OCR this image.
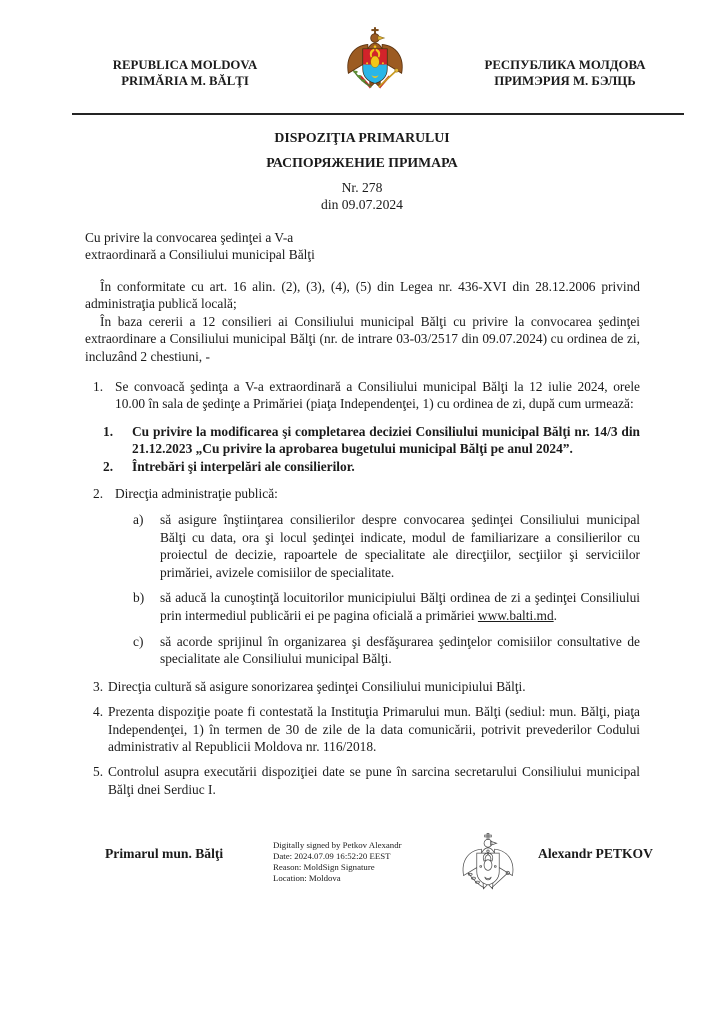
REPUBLICA MOLDOVA
PRIMĂRIA M. BĂLŢI
РЕСПУБЛИКА МОЛДОВА
ПРИМЭРИЯ М. БЭЛЦЬ
DISPOZIŢIA PRIMARULUI
РАСПОРЯЖЕНИЕ ПРИМАРА
Nr. 278
din 09.07.2024
Cu privire la convocarea şedinţei a V-a
extraordinară a Consiliului municipal Bălţi

În conformitate cu art. 16 alin. (2), (3), (4), (5) din Legea nr. 436-XVI din 28.12.2006 privind administraţia publică locală;

În baza cererii a 12 consilieri ai Consiliului municipal Bălţi cu privire la convocarea şedinţei extraordinare a Consiliului municipal Bălţi (nr. de intrare 03-03/2517 din 09.07.2024) cu ordinea de zi, incluzând 2 chestiuni, -

1. Se convoacă şedinţa a V-a extraordinară a Consiliului municipal Bălţi la 12 iulie 2024, orele 10.00 în sala de şedinţe a Primăriei (piaţa Independenţei, 1) cu ordinea de zi, după cum urmează:
1.	Cu privire la modificarea şi completarea deciziei Consiliului municipal Bălţi nr. 14/3 din 21.12.2023 „Cu privire la aprobarea bugetului municipal Bălţi pe anul 2024”.
2.	Întrebări şi interpelări ale consilierilor.
2. Direcţia administraţie publică:
a)	să asigure înştiinţarea consilierilor despre convocarea şedinţei Consiliului municipal Bălţi cu data, ora şi locul şedinţei indicate, modul de familiarizare a consilierilor cu proiectul de decizie, rapoartele de specialitate ale direcţiilor, secţiilor şi serviciilor primăriei, avizele comisiilor de specialitate.
b)	să aducă la cunoştinţă locuitorilor municipiului Bălţi ordinea de zi a şedinţei Consiliului prin intermediul publicării ei pe pagina oficială a primăriei www.balti.md.
c)	să acorde sprijinul în organizarea şi desfăşurarea şedinţelor comisiilor consultative de specialitate ale Consiliului municipal Bălţi.
3. Direcţia cultură să asigure sonorizarea şedinţei Consiliului municipiului Bălţi.
4. Prezenta dispoziţie poate fi contestată la Instituţia Primarului mun. Bălţi (sediul: mun. Bălţi, piaţa Independenţei, 1) în termen de 30 de zile de la data comunicării, potrivit prevederilor Codului administrativ al Republicii Moldova nr. 116/2018.
5. Controlul asupra executării dispoziţiei date se pune în sarcina secretarului Consiliului municipal Bălţi dnei Serdiuc I.
Primarul mun. Bălţi
Digitally signed by Petkov Alexandr
Date: 2024.07.09 16:52:20 EEST
Reason: MoldSign Signature
Location: Moldova
Alexandr PETKOV
